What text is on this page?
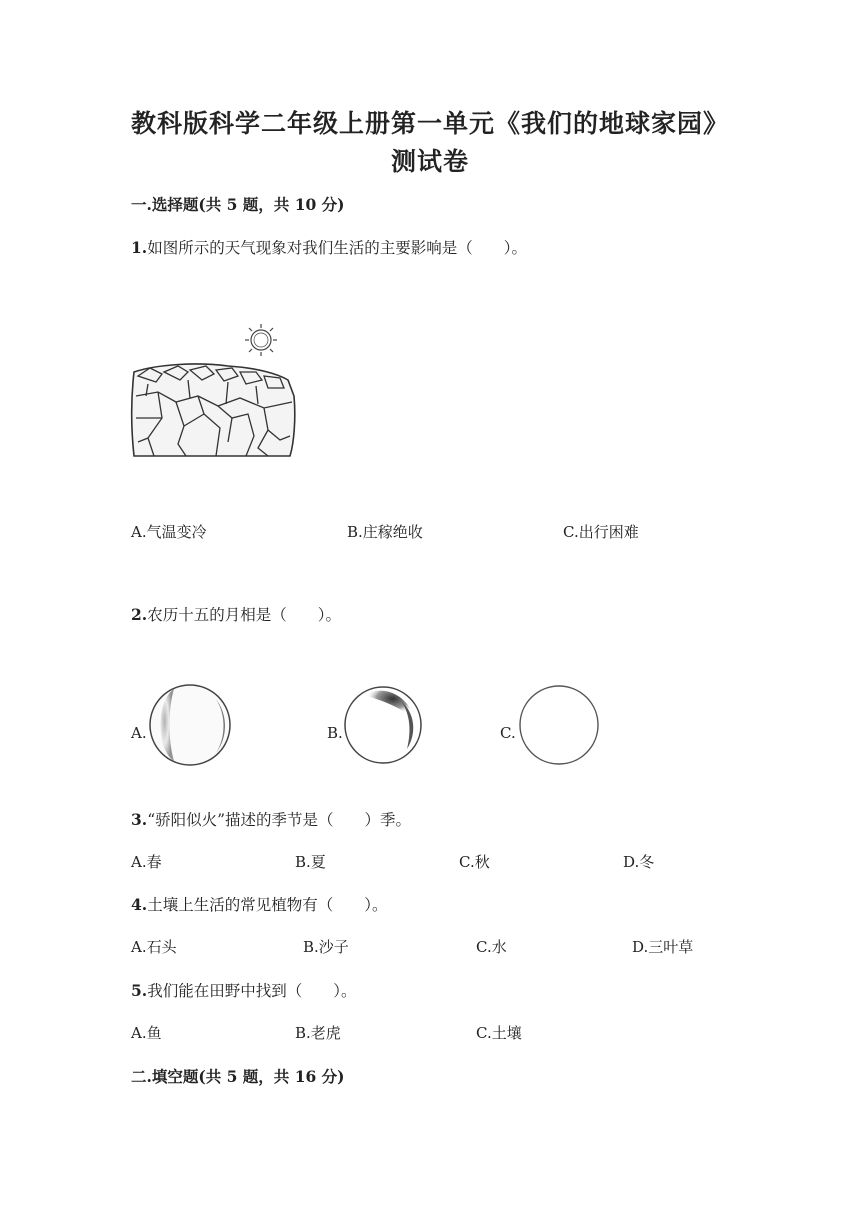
教科版科学二年级上册第一单元《我们的地球家园》
测试卷
一.选择题(共 5 题，共 10 分)
1.如图所示的天气现象对我们生活的主要影响是（　　）。
A.气温变冷	B.庄稼绝收	C.出行困难
2.农历十五的月相是（　　）。
A.	B.	C.
3.“骄阳似火”描述的季节是（　　）季。
A.春	B.夏	C.秋	D.冬
4.土壤上生活的常见植物有（　　）。
A.石头	B.沙子	C.水	D.三叶草
5.我们能在田野中找到（　　）。
A.鱼	B.老虎	C.土壤
二.填空题(共 5 题，共 16 分)
